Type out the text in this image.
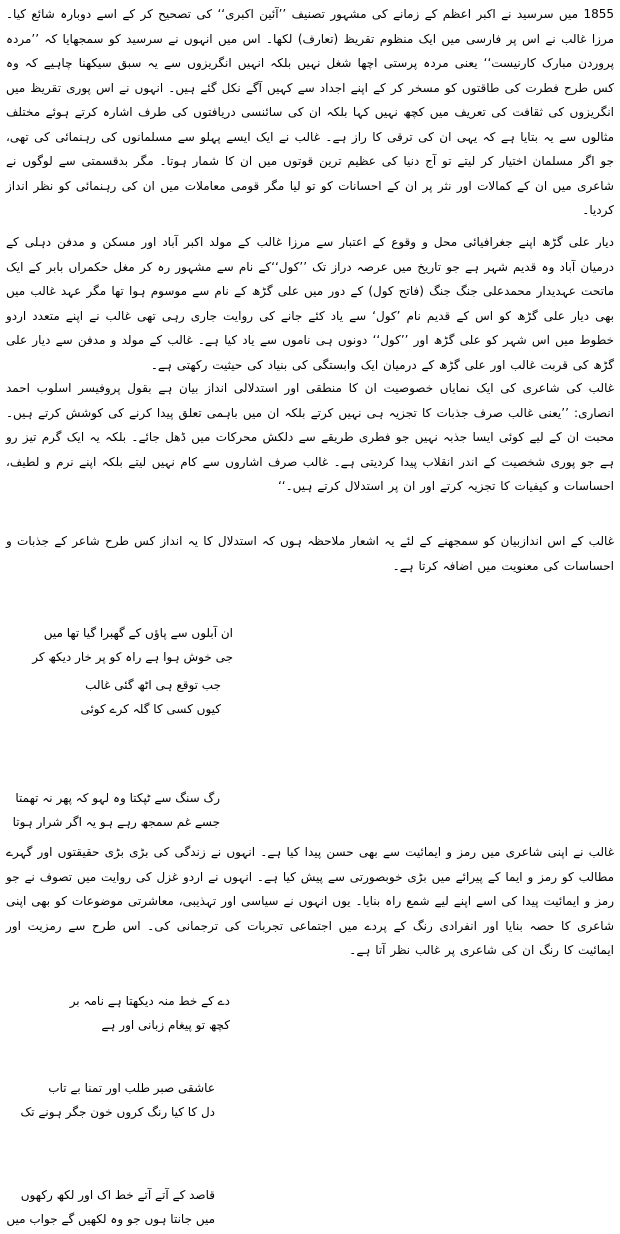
1855 میں سرسید نے اکبر اعظم کے زمانے کی مشہور تصنیف ’’آئین اکبری‘‘ کی تصحیح کر کے اسے دوبارہ شائع کیا۔ مرزا غالب نے اس پر فارسی میں ایک منظوم تقریظ (تعارف) لکھا۔ اس میں انہوں نے سرسید کو سمجھایا کہ ’’مردہ پروردن مبارک کارنیست‘‘ یعنی مردہ پرستی اچھا شغل نہیں بلکہ انہیں انگریزوں سے یہ سبق سیکھنا چاہیے کہ وہ کس طرح فطرت کی طاقتوں کو مسخر کر کے اپنے اجداد سے کہیں آگے نکل گئے ہیں۔ انہوں نے اس پوری تقریظ میں انگریزوں کی ثقافت کی تعریف میں کچھ نہیں کہا بلکہ ان کی سائنسی دریافتوں کی طرف اشارہ کرتے ہوئے مختلف مثالوں سے یہ بتایا ہے کہ یہی ان کی ترقی کا راز ہے۔ غالب نے ایک ایسے پہلو سے مسلمانوں کی رہنمائی کی تھی، جو اگر مسلمان اختیار کر لیتے تو آج دنیا کی عظیم ترین قوتوں میں ان کا شمار ہوتا۔ مگر بدقسمتی سے لوگوں نے شاعری میں ان کے کمالات اور نثر پر ان کے احسانات کو تو لیا مگر قومی معاملات میں ان کی رہنمائی کو نظر انداز کردیا۔
دیار علی گڑھ اپنے جغرافیائی محل و وقوع کے اعتبار سے مرزا غالب کے مولد اکبر آباد اور مسکن و مدفن دہلی کے درمیان آباد وہ قدیم شہر ہے جو تاریخ میں عرصہ دراز تک ’’کول‘‘کے نام سے مشہور رہ کر مغل حکمراں بابر کے ایک ماتحت عہدیدار محمدعلی جنگ جنگ (فاتح کول) کے دور میں علی گڑھ کے نام سے موسوم ہوا تھا مگر عہد غالب میں بھی دیار علی گڑھ کو اس کے قدیم نام ’کول‘ سے یاد کئے جانے کی روایت جاری رہی تھی غالب نے اپنے متعدد اردو خطوط میں اس شہر کو علی گڑھ اور ’’کول‘‘ دونوں ہی ناموں سے یاد کیا ہے۔ غالب کے مولد و مدفن سے دیار علی گڑھ کی قربت غالب اور علی گڑھ کے درمیان ایک وابستگی کی بنیاد کی حیثیت رکھتی ہے۔
غالب کی شاعری کی ایک نمایاں خصوصیت ان کا منطقی اور استدلالی انداز بیان ہے بقول پروفیسر اسلوب احمد انصاری: ’’یعنی غالب صرف جذبات کا تجزیہ ہی نہیں کرتے بلکہ ان میں باہمی تعلق پیدا کرنے کی کوشش کرتے ہیں۔ محبت ان کے لیے کوئی ایسا جذبہ نہیں جو فطری طریقے سے دلکش محرکات میں ڈھل جائے۔ بلکہ یہ ایک گرم تیز رو ہے جو پوری شخصیت کے اندر انقلاب پیدا کردیتی ہے۔ غالب صرف اشاروں سے کام نہیں لیتے بلکہ اپنے نرم و لطیف، احساسات و کیفیات کا تجزیہ کرتے اور ان پر استدلال کرتے ہیں۔‘‘
غالب کے اس اندازبیان کو سمجھنے کے لئے یہ اشعار ملاحظہ ہوں کہ استدلال کا یہ انداز کس طرح شاعر کے جذبات و احساسات کی معنویت میں اضافہ کرتا ہے۔
ان آبلوں سے پاؤں کے گھبرا گیا تھا میں
جی خوش ہوا ہے راہ کو پر خار دیکھ کر
جب توقع ہی اٹھ گئی غالب
کیوں کسی کا گلہ کرے کوئی
رگ سنگ سے ٹپکتا وہ لہو کہ پھر نہ تھمتا
جسے غم سمجھ رہے ہو یہ اگر شرار ہوتا
غالب نے اپنی شاعری میں رمز و ایمائیت سے بھی حسن پیدا کیا ہے۔ انہوں نے زندگی کی بڑی بڑی حقیقتوں اور گہرے مطالب کو رمز و ایما کے پیرائے میں بڑی خوبصورتی سے پیش کیا ہے۔ انہوں نے اردو غزل کی روایت میں تصوف نے جو رمز و ایمائیت پیدا کی اسے اپنے لیے شمع راہ بنایا۔ یوں انہوں نے سیاسی اور تہذیبی، معاشرتی موضوعات کو بھی اپنی شاعری کا حصہ بنایا اور انفرادی رنگ کے پردے میں اجتماعی تجربات کی ترجمانی کی۔ اس طرح سے رمزیت اور ایمائیت کا رنگ ان کی شاعری پر غالب نظر آتا ہے۔
دے کے خط منہ دیکھتا ہے نامہ بر
کچھ تو پیغام زبانی اور ہے
عاشقی صبر طلب اور تمنا بے تاب
دل کا کیا رنگ کروں خون جگر ہونے تک
قاصد کے آتے آتے خط اک اور لکھ رکھوں
میں جانتا ہوں جو وہ لکھیں گے جواب میں
